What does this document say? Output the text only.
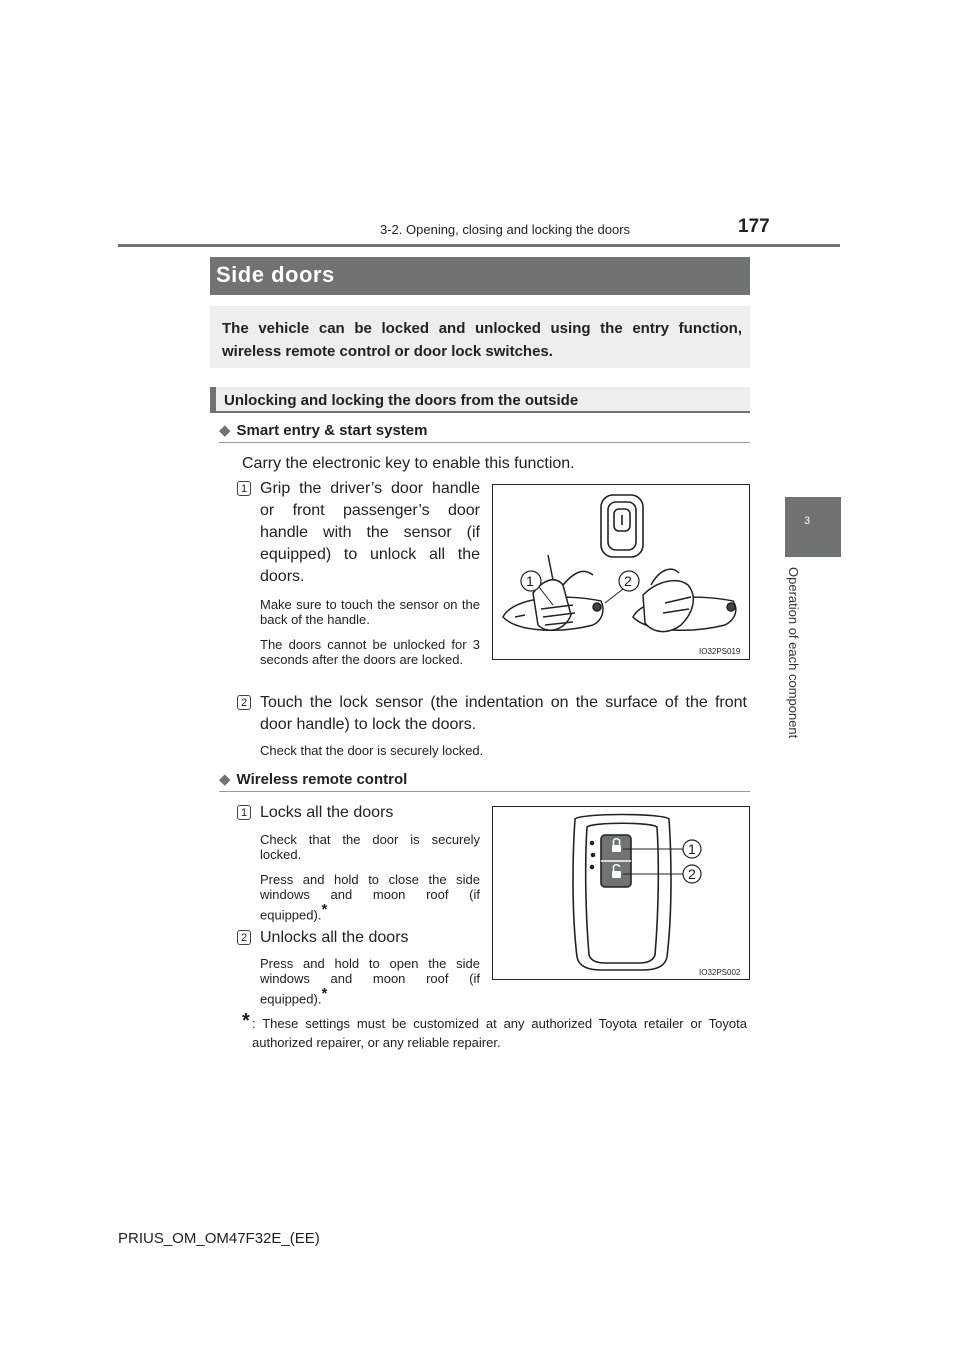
3-2. Opening, closing and locking the doors	177
3
Operation of each component
Side doors
The vehicle can be locked and unlocked using the entry function, wireless remote control or door lock switches.
Unlocking and locking the doors from the outside
◆ Smart entry & start system
Carry the electronic key to enable this function.
1 Grip the driver’s door handle or front passenger’s door handle with the sensor (if equipped) to unlock all the doors.
Make sure to touch the sensor on the back of the handle.
The doors cannot be unlocked for 3 seconds after the doors are locked.
1	2
IO32PS019
2 Touch the lock sensor (the indentation on the surface of the front door handle) to lock the doors.
Check that the door is securely locked.
◆ Wireless remote control
1 Locks all the doors
Check that the door is securely locked.
Press and hold to close the side windows and moon roof (if equipped).*
2 Unlocks all the doors
Press and hold to open the side windows and moon roof (if equipped).*
1
2
IO32PS002
* : These settings must be customized at any authorized Toyota retailer or Toyota authorized repairer, or any reliable repairer.
PRIUS_OM_OM47F32E_(EE)
